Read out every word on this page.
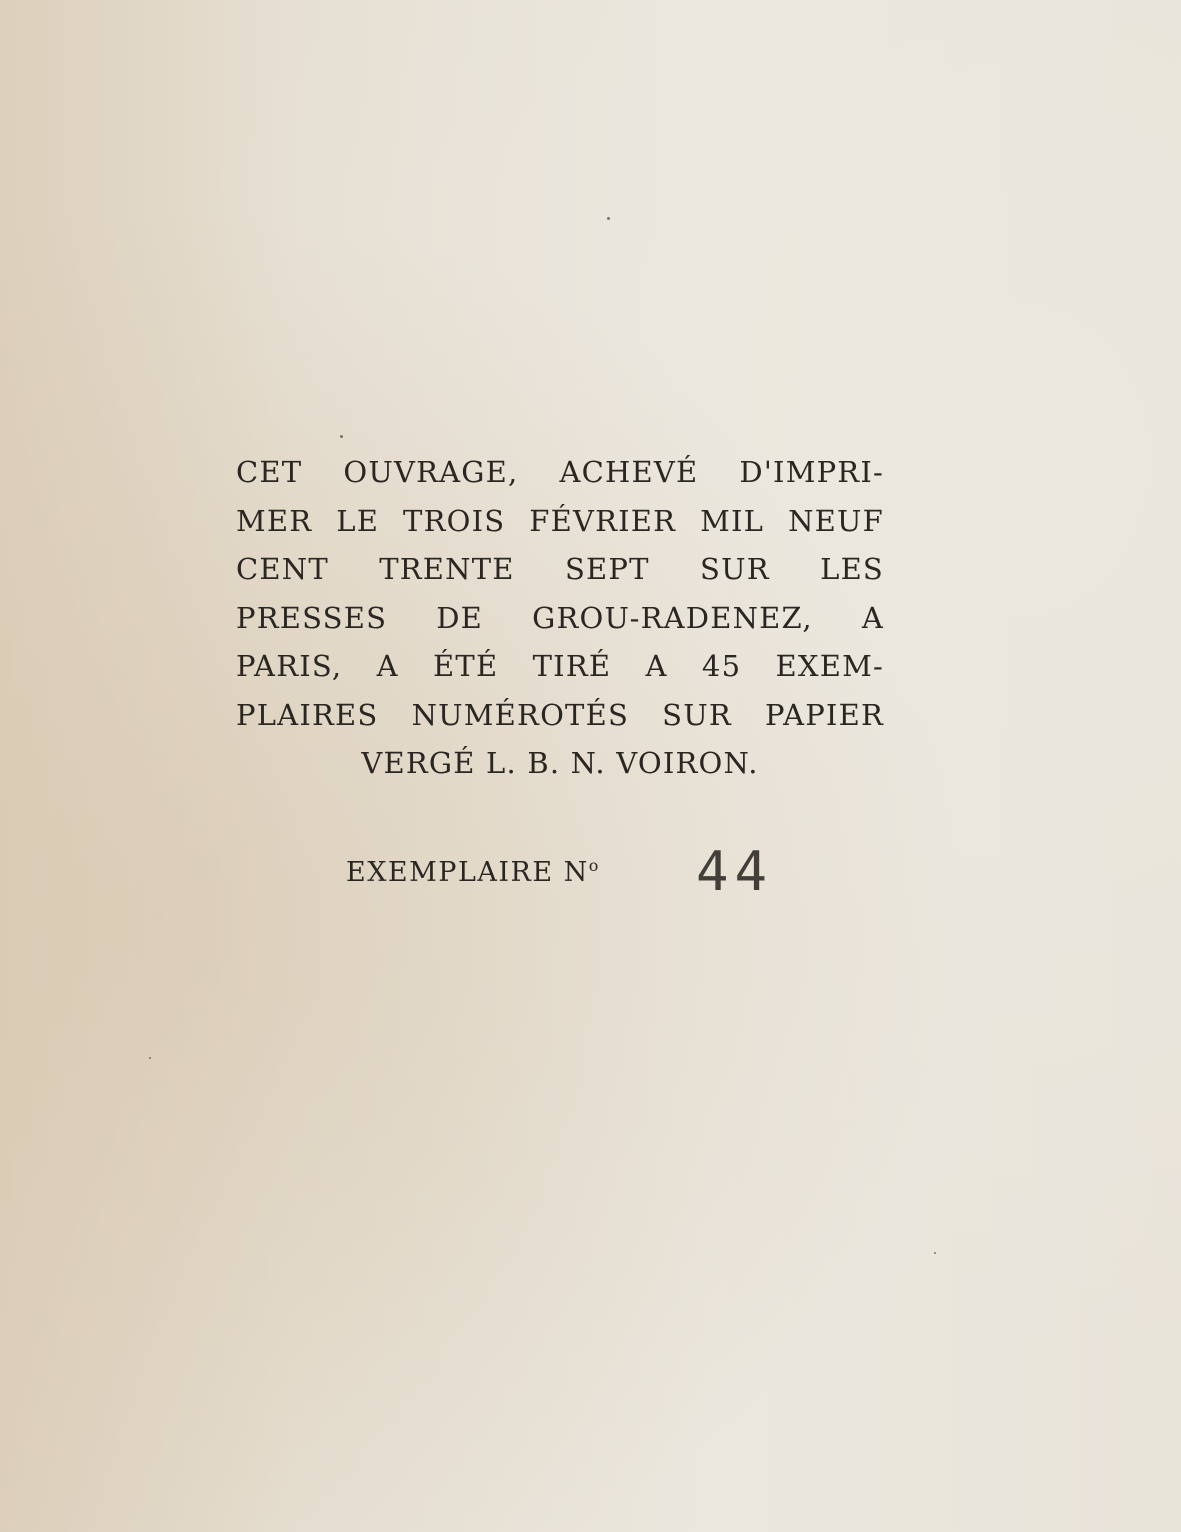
CET OUVRAGE, ACHEVÉ D'IMPRI-
MER LE TROIS FÉVRIER MIL NEUF
CENT TRENTE SEPT SUR LES
PRESSES DE GROU-RADENEZ, A
PARIS, A ÉTÉ TIRÉ A 45 EXEM-
PLAIRES NUMÉROTÉS SUR PAPIER
VERGÉ L. B. N. VOIRON.
EXEMPLAIRE $N^o$ 44
